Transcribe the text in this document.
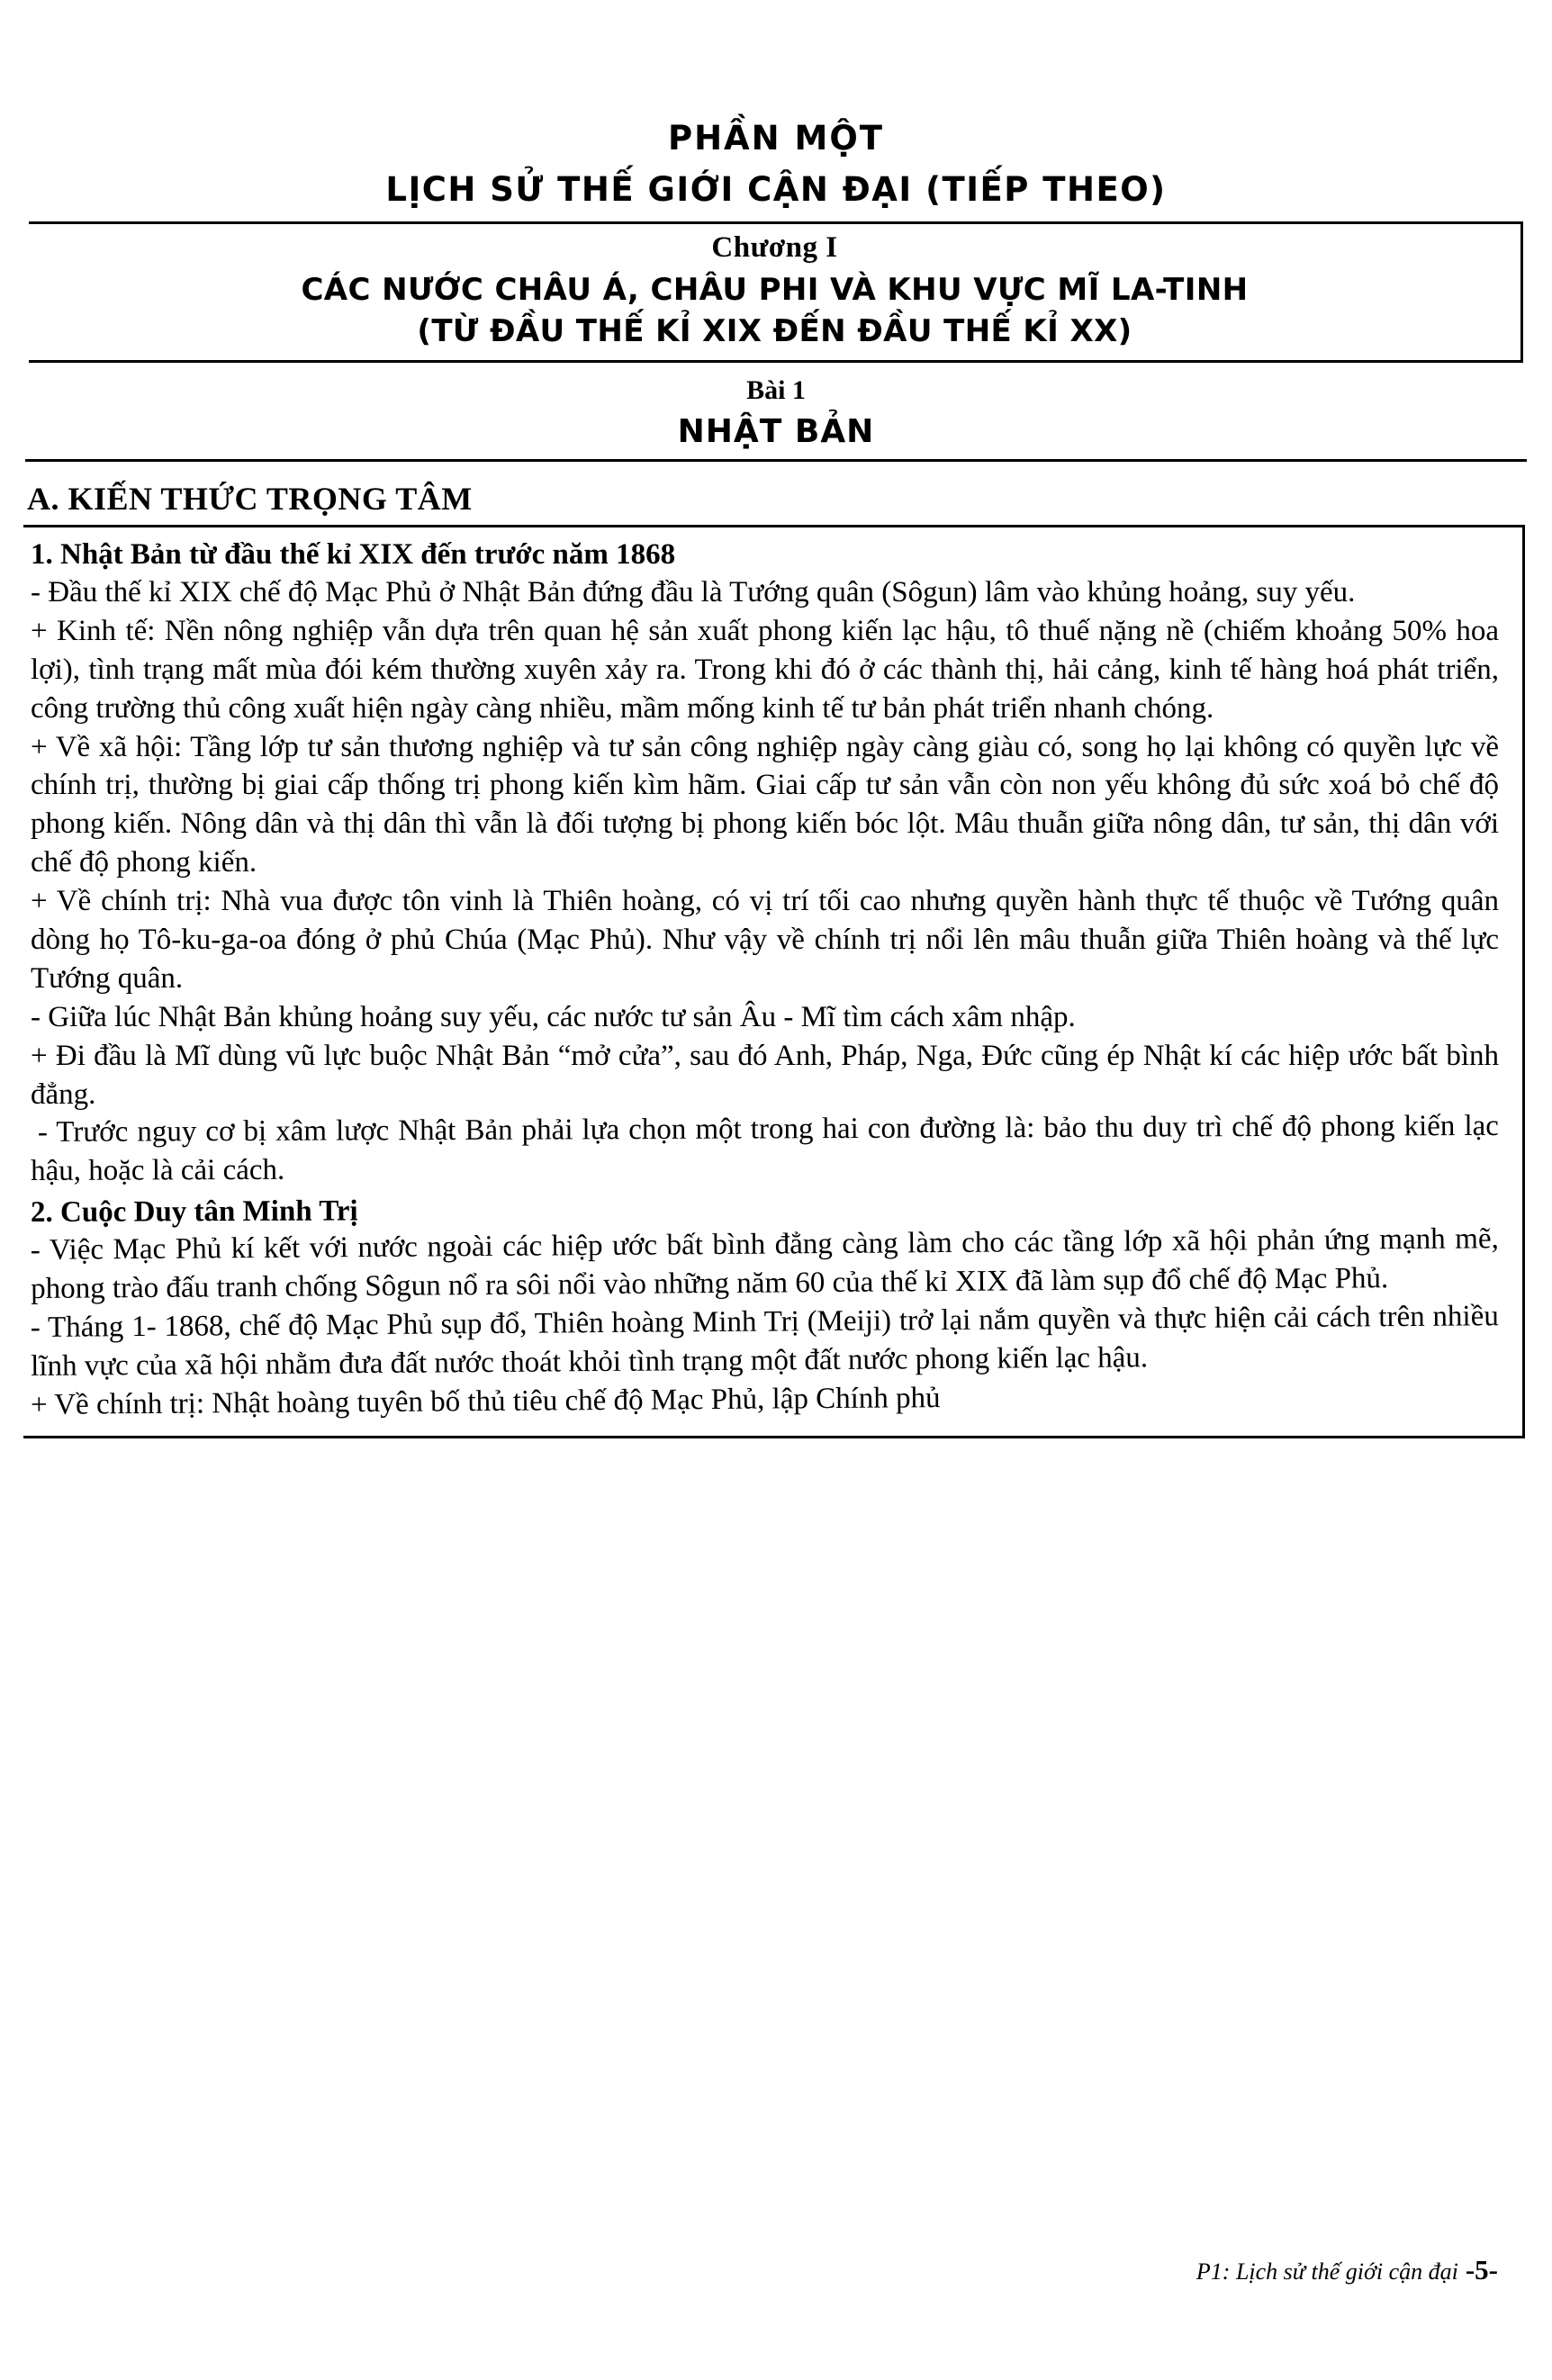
PHẦN MỘT
LỊCH SỬ THẾ GIỚI CẬN ĐẠI (TIẾP THEO)
Chương I
CÁC NƯỚC CHÂU Á, CHÂU PHI VÀ KHU VỰC MĨ LA-TINH
(TỪ ĐẦU THẾ KỈ XIX ĐẾN ĐẦU THẾ KỈ XX)
Bài 1
NHẬT BẢN
A. KIẾN THỨC TRỌNG TÂM
1. Nhật Bản từ đầu thế kỉ XIX đến trước năm 1868

- Đầu thế kỉ XIX chế độ Mạc Phủ ở Nhật Bản đứng đầu là Tướng quân (Sôgun) lâm vào khủng hoảng, suy yếu.

+ Kinh tế: Nền nông nghiệp vẫn dựa trên quan hệ sản xuất phong kiến lạc hậu, tô thuế nặng nề (chiếm khoảng 50% hoa lợi), tình trạng mất mùa đói kém thường xuyên xảy ra. Trong khi đó ở các thành thị, hải cảng, kinh tế hàng hoá phát triển, công trường thủ công xuất hiện ngày càng nhiều, mầm mống kinh tế tư bản phát triển nhanh chóng.

+ Về xã hội: Tầng lớp tư sản thương nghiệp và tư sản công nghiệp ngày càng giàu có, song họ lại không có quyền lực về chính trị, thường bị giai cấp thống trị phong kiến kìm hãm. Giai cấp tư sản vẫn còn non yếu không đủ sức xoá bỏ chế độ phong kiến. Nông dân và thị dân thì vẫn là đối tượng bị phong kiến bóc lột. Mâu thuẫn giữa nông dân, tư sản, thị dân với chế độ phong kiến.

+ Về chính trị: Nhà vua được tôn vinh là Thiên hoàng, có vị trí tối cao nhưng quyền hành thực tế thuộc về Tướng quân dòng họ Tô-ku-ga-oa đóng ở phủ Chúa (Mạc Phủ). Như vậy về chính trị nổi lên mâu thuẫn giữa Thiên hoàng và thế lực Tướng quân.

- Giữa lúc Nhật Bản khủng hoảng suy yếu, các nước tư sản Âu - Mĩ tìm cách xâm nhập.

+ Đi đầu là Mĩ dùng vũ lực buộc Nhật Bản “mở cửa”, sau đó Anh, Pháp, Nga, Đức cũng ép Nhật kí các hiệp ước bất bình đẳng.

- Trước nguy cơ bị xâm lược Nhật Bản phải lựa chọn một trong hai con đường là: bảo thu duy trì chế độ phong kiến lạc hậu, hoặc là cải cách.

2. Cuộc Duy tân Minh Trị

- Việc Mạc Phủ kí kết với nước ngoài các hiệp ước bất bình đẳng càng làm cho các tầng lớp xã hội phản ứng mạnh mẽ, phong trào đấu tranh chống Sôgun nổ ra sôi nổi vào những năm 60 của thế kỉ XIX đã làm sụp đổ chế độ Mạc Phủ.

- Tháng 1- 1868, chế độ Mạc Phủ sụp đổ, Thiên hoàng Minh Trị (Meiji) trở lại nắm quyền và thực hiện cải cách trên nhiều lĩnh vực của xã hội nhằm đưa đất nước thoát khỏi tình trạng một đất nước phong kiến lạc hậu.

+ Về chính trị: Nhật hoàng tuyên bố thủ tiêu chế độ Mạc Phủ, lập Chính phủ

P1: Lịch sử thế giới cận đại -5-
